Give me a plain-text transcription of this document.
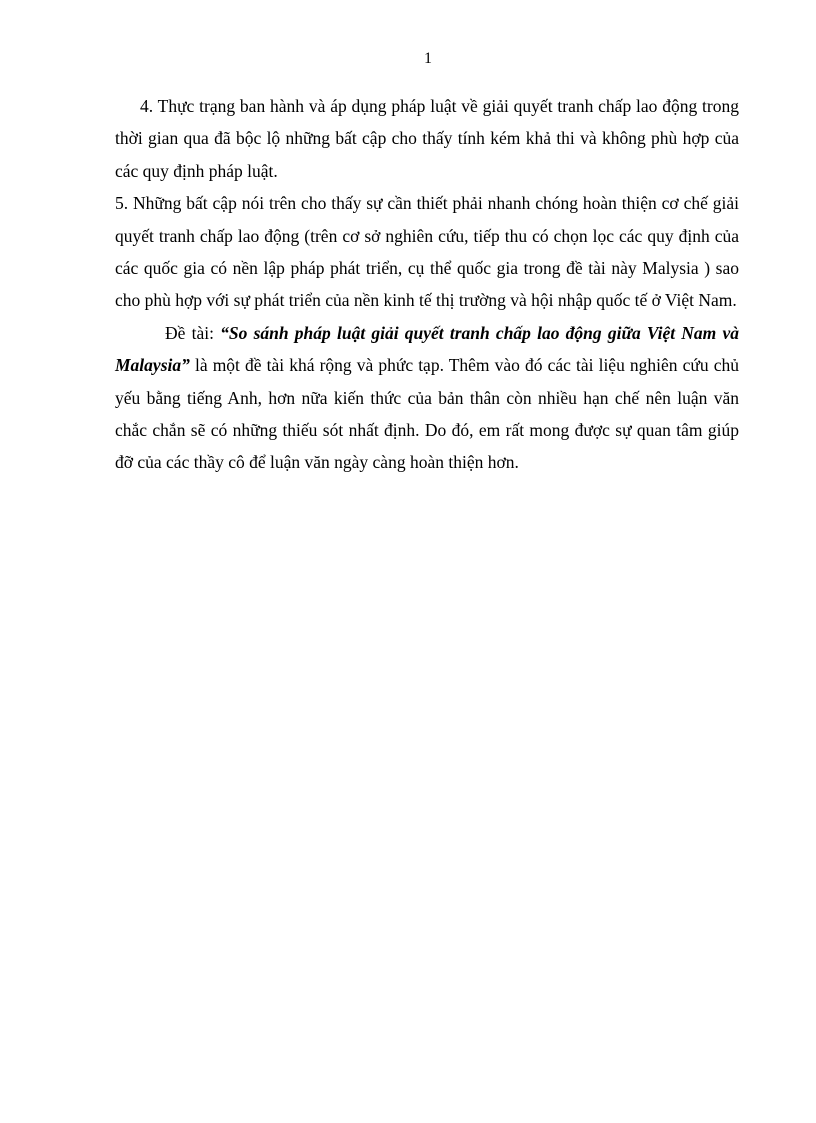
1

4. Thực trạng ban hành và áp dụng pháp luật về giải quyết tranh chấp lao động trong thời gian qua đã bộc lộ những bất cập cho thấy tính kém khả thi và không phù hợp của các quy định pháp luật.

5. Những bất cập nói trên cho thấy sự cần thiết phải nhanh chóng hoàn thiện cơ chế giải quyết tranh chấp lao động (trên cơ sở nghiên cứu, tiếp thu có chọn lọc các quy định của các quốc gia có nền lập pháp phát triển, cụ thể quốc gia trong đề tài này Malysia ) sao cho phù hợp với sự phát triển của nền kinh tế thị trường và hội nhập quốc tế ở Việt Nam.

Đề tài: “So sánh pháp luật giải quyết tranh chấp lao động giữa Việt Nam và Malaysia” là một đề tài khá rộng và phức tạp. Thêm vào đó các tài liệu nghiên cứu chủ yếu bằng tiếng Anh, hơn nữa kiến thức của bản thân còn nhiều hạn chế nên luận văn chắc chắn sẽ có những thiếu sót nhất định. Do đó, em rất mong được sự quan tâm giúp đỡ của các thầy cô để luận văn ngày càng hoàn thiện hơn.
